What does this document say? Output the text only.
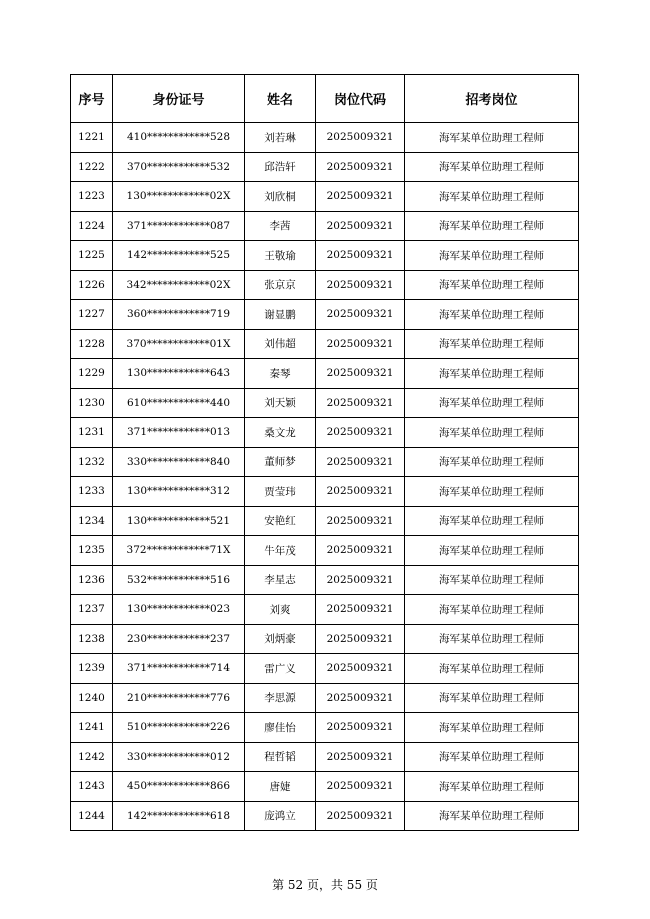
序号	身份证号	姓名	岗位代码	招考岗位
1221	410************528	刘若琳	2025009321	海军某单位助理工程师
1222	370************532	邱浩轩	2025009321	海军某单位助理工程师
1223	130************02X	刘欣桐	2025009321	海军某单位助理工程师
1224	371************087	李茜	2025009321	海军某单位助理工程师
1225	142************525	王敬瑜	2025009321	海军某单位助理工程师
1226	342************02X	张京京	2025009321	海军某单位助理工程师
1227	360************719	谢显鹏	2025009321	海军某单位助理工程师
1228	370************01X	刘伟超	2025009321	海军某单位助理工程师
1229	130************643	秦琴	2025009321	海军某单位助理工程师
1230	610************440	刘天颖	2025009321	海军某单位助理工程师
1231	371************013	桑文龙	2025009321	海军某单位助理工程师
1232	330************840	董师梦	2025009321	海军某单位助理工程师
1233	130************312	贾莹玮	2025009321	海军某单位助理工程师
1234	130************521	安艳红	2025009321	海军某单位助理工程师
1235	372************71X	牛年茂	2025009321	海军某单位助理工程师
1236	532************516	李星志	2025009321	海军某单位助理工程师
1237	130************023	刘爽	2025009321	海军某单位助理工程师
1238	230************237	刘炳豪	2025009321	海军某单位助理工程师
1239	371************714	雷广义	2025009321	海军某单位助理工程师
1240	210************776	李思源	2025009321	海军某单位助理工程师
1241	510************226	廖佳怡	2025009321	海军某单位助理工程师
1242	330************012	程哲韬	2025009321	海军某单位助理工程师
1243	450************866	唐婕	2025009321	海军某单位助理工程师
1244	142************618	庞鸿立	2025009321	海军某单位助理工程师
第 52 页，共 55 页
